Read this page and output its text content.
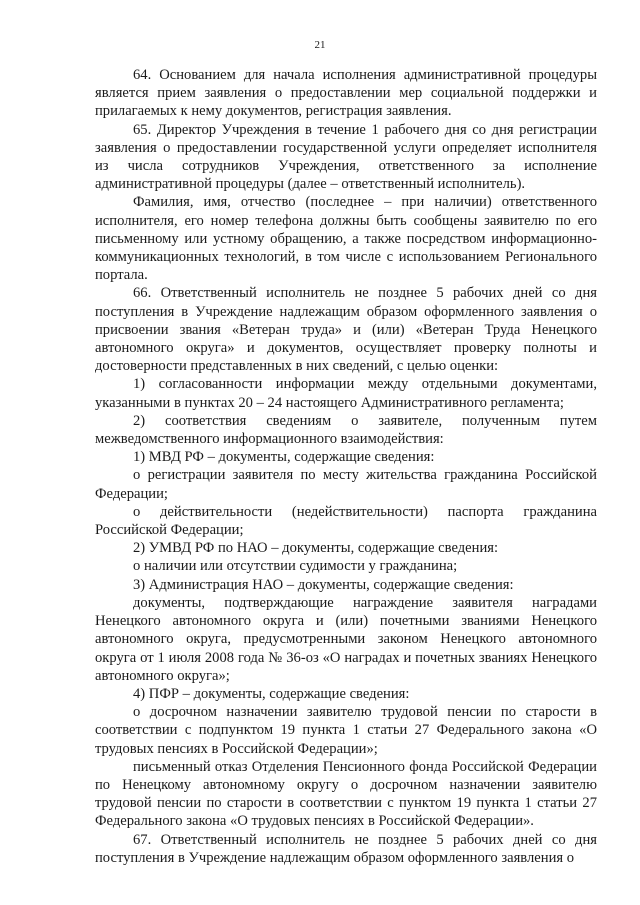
21

64. Основанием для начала исполнения административной процедуры является прием заявления о предоставлении мер социальной поддержки и прилагаемых к нему документов, регистрация заявления.

65. Директор Учреждения в течение 1 рабочего дня со дня регистрации заявления о предоставлении государственной услуги определяет исполнителя из числа сотрудников Учреждения, ответственного за исполнение административной процедуры (далее – ответственный исполнитель).

Фамилия, имя, отчество (последнее – при наличии) ответственного исполнителя, его номер телефона должны быть сообщены заявителю по его письменному или устному обращению, а также посредством информационно-коммуникационных технологий, в том числе с использованием Регионального портала.

66. Ответственный исполнитель не позднее 5 рабочих дней со дня поступления в Учреждение надлежащим образом оформленного заявления о присвоении звания «Ветеран труда» и (или) «Ветеран Труда Ненецкого автономного округа» и документов, осуществляет проверку полноты и достоверности представленных в них сведений, с целью оценки:

1) согласованности информации между отдельными документами, указанными в пунктах 20 – 24 настоящего Административного регламента;

2) соответствия сведениям о заявителе, полученным путем межведомственного информационного взаимодействия:

1) МВД РФ – документы, содержащие сведения:

о регистрации заявителя по месту жительства гражданина Российской Федерации;

о действительности (недействительности) паспорта гражданина Российской Федерации;

2) УМВД РФ по НАО – документы, содержащие сведения:

о наличии или отсутствии судимости у гражданина;

3) Администрация НАО – документы, содержащие сведения:

документы, подтверждающие награждение заявителя наградами Ненецкого автономного округа и (или) почетными званиями Ненецкого автономного округа, предусмотренными законом Ненецкого автономного округа от 1 июля 2008 года № 36-оз «О наградах и почетных званиях Ненецкого автономного округа»;

4) ПФР – документы, содержащие сведения:

о досрочном назначении заявителю трудовой пенсии по старости в соответствии с подпунктом 19 пункта 1 статьи 27 Федерального закона «О трудовых пенсиях в Российской Федерации»;

письменный отказ Отделения Пенсионного фонда Российской Федерации по Ненецкому автономному округу о досрочном назначении заявителю трудовой пенсии по старости в соответствии с пунктом 19 пункта 1 статьи 27 Федерального закона «О трудовых пенсиях в Российской Федерации».

67. Ответственный исполнитель не позднее 5 рабочих дней со дня поступления в Учреждение надлежащим образом оформленного заявления о
